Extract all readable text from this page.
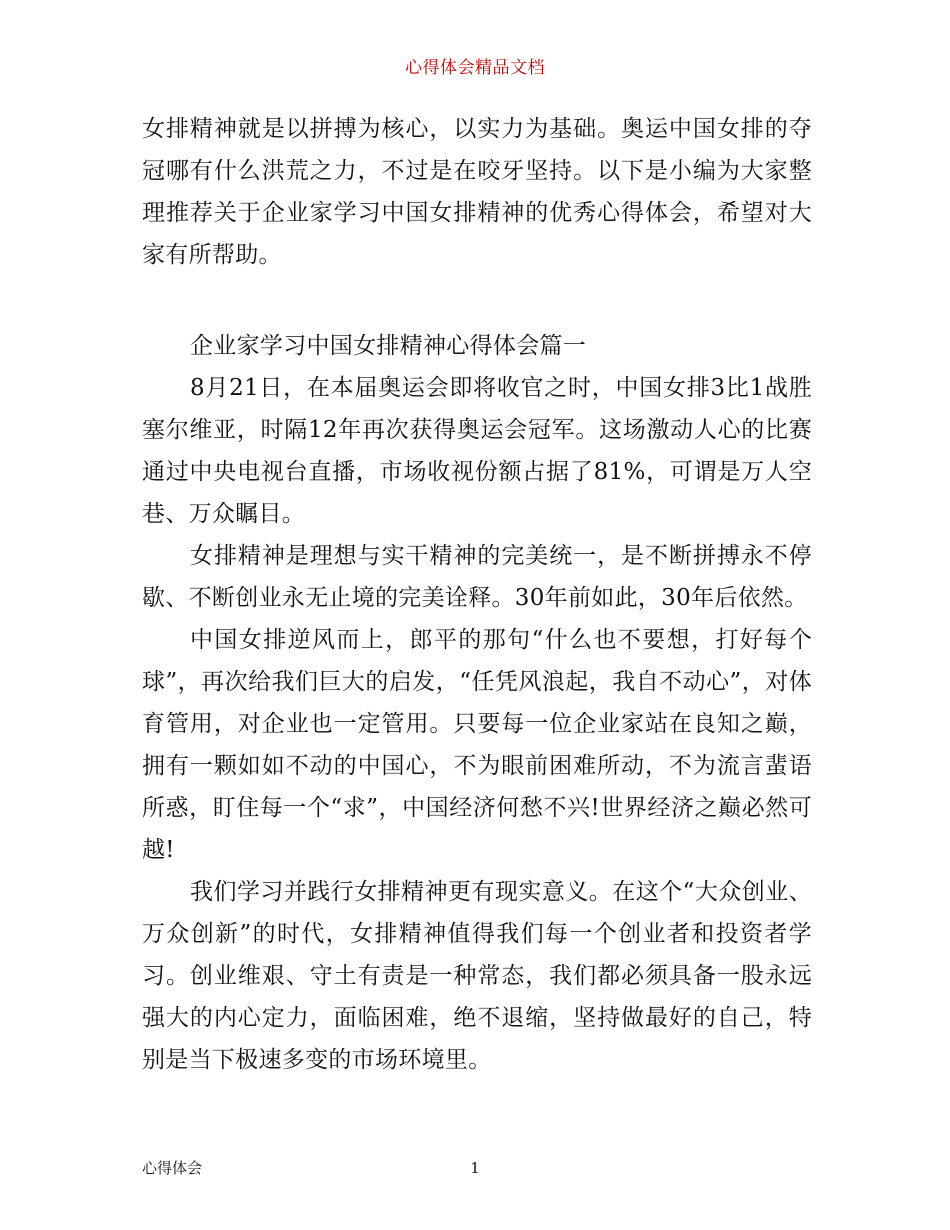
心得体会精品文档

女排精神就是以拼搏为核心，以实力为基础。奥运中国女排的夺冠哪有什么洪荒之力，不过是在咬牙坚持。以下是小编为大家整理推荐关于企业家学习中国女排精神的优秀心得体会，希望对大家有所帮助。

企业家学习中国女排精神心得体会篇一

8月21日，在本届奥运会即将收官之时，中国女排3比1战胜塞尔维亚，时隔12年再次获得奥运会冠军。这场激动人心的比赛通过中央电视台直播，市场收视份额占据了81%，可谓是万人空巷、万众瞩目。

女排精神是理想与实干精神的完美统一，是不断拼搏永不停歇、不断创业永无止境的完美诠释。30年前如此，30年后依然。

中国女排逆风而上，郎平的那句“什么也不要想，打好每个球”，再次给我们巨大的启发，“任凭风浪起，我自不动心”，对体育管用，对企业也一定管用。只要每一位企业家站在良知之巅，拥有一颗如如不动的中国心，不为眼前困难所动，不为流言蜚语所惑，盯住每一个“求”，中国经济何愁不兴!世界经济之巅必然可越!

我们学习并践行女排精神更有现实意义。在这个“大众创业、万众创新”的时代，女排精神值得我们每一个创业者和投资者学习。创业维艰、守土有责是一种常态，我们都必须具备一股永远强大的内心定力，面临困难，绝不退缩，坚持做最好的自己，特别是当下极速多变的市场环境里。

心得体会	1
